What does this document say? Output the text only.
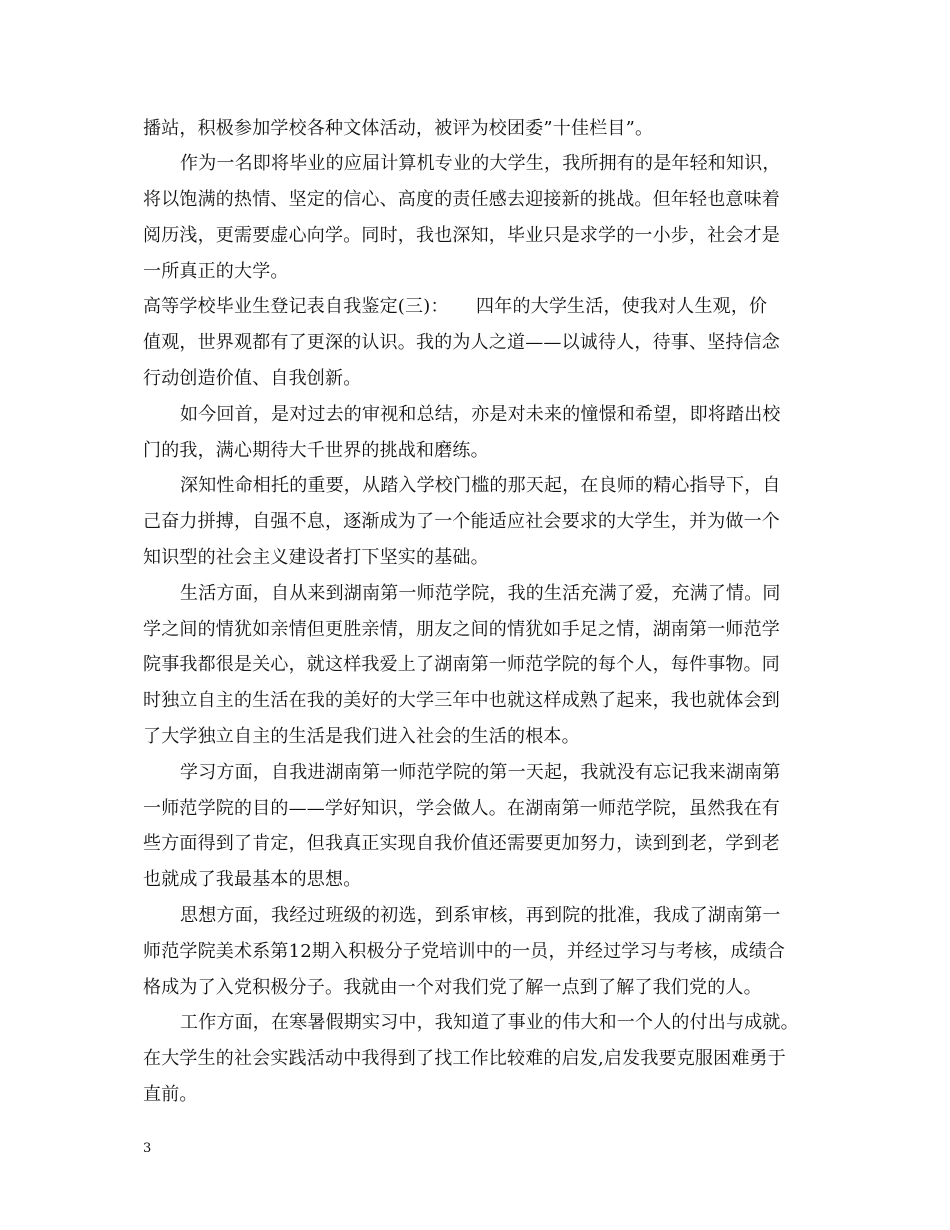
播站，积极参加学校各种文体活动，被评为校团委”十佳栏目”。
作为一名即将毕业的应届计算机专业的大学生，我所拥有的是年轻和知识，
将以饱满的热情、坚定的信心、高度的责任感去迎接新的挑战。但年轻也意味着
阅历浅，更需要虚心向学。同时，我也深知，毕业只是求学的一小步，社会才是
一所真正的大学。
高等学校毕业生登记表自我鉴定(三)：　　四年的大学生活，使我对人生观，价
值观，世界观都有了更深的认识。我的为人之道——以诚待人，待事、坚持信念
行动创造价值、自我创新。
如今回首，是对过去的审视和总结，亦是对未来的憧憬和希望，即将踏出校
门的我，满心期待大千世界的挑战和磨练。
深知性命相托的重要，从踏入学校门槛的那天起，在良师的精心指导下，自
己奋力拼搏，自强不息，逐渐成为了一个能适应社会要求的大学生，并为做一个
知识型的社会主义建设者打下坚实的基础。
生活方面，自从来到湖南第一师范学院，我的生活充满了爱，充满了情。同
学之间的情犹如亲情但更胜亲情，朋友之间的情犹如手足之情，湖南第一师范学
院事我都很是关心，就这样我爱上了湖南第一师范学院的每个人，每件事物。同
时独立自主的生活在我的美好的大学三年中也就这样成熟了起来，我也就体会到
了大学独立自主的生活是我们进入社会的生活的根本。
学习方面，自我进湖南第一师范学院的第一天起，我就没有忘记我来湖南第
一师范学院的目的——学好知识，学会做人。在湖南第一师范学院，虽然我在有
些方面得到了肯定，但我真正实现自我价值还需要更加努力，读到到老，学到老
也就成了我最基本的思想。
思想方面，我经过班级的初选，到系审核，再到院的批准，我成了湖南第一
师范学院美术系第12期入积极分子党培训中的一员，并经过学习与考核，成绩合
格成为了入党积极分子。我就由一个对我们党了解一点到了解了我们党的人。
工作方面，在寒暑假期实习中，我知道了事业的伟大和一个人的付出与成就。
在大学生的社会实践活动中我得到了找工作比较难的启发,启发我要克服困难勇于
直前。
3
